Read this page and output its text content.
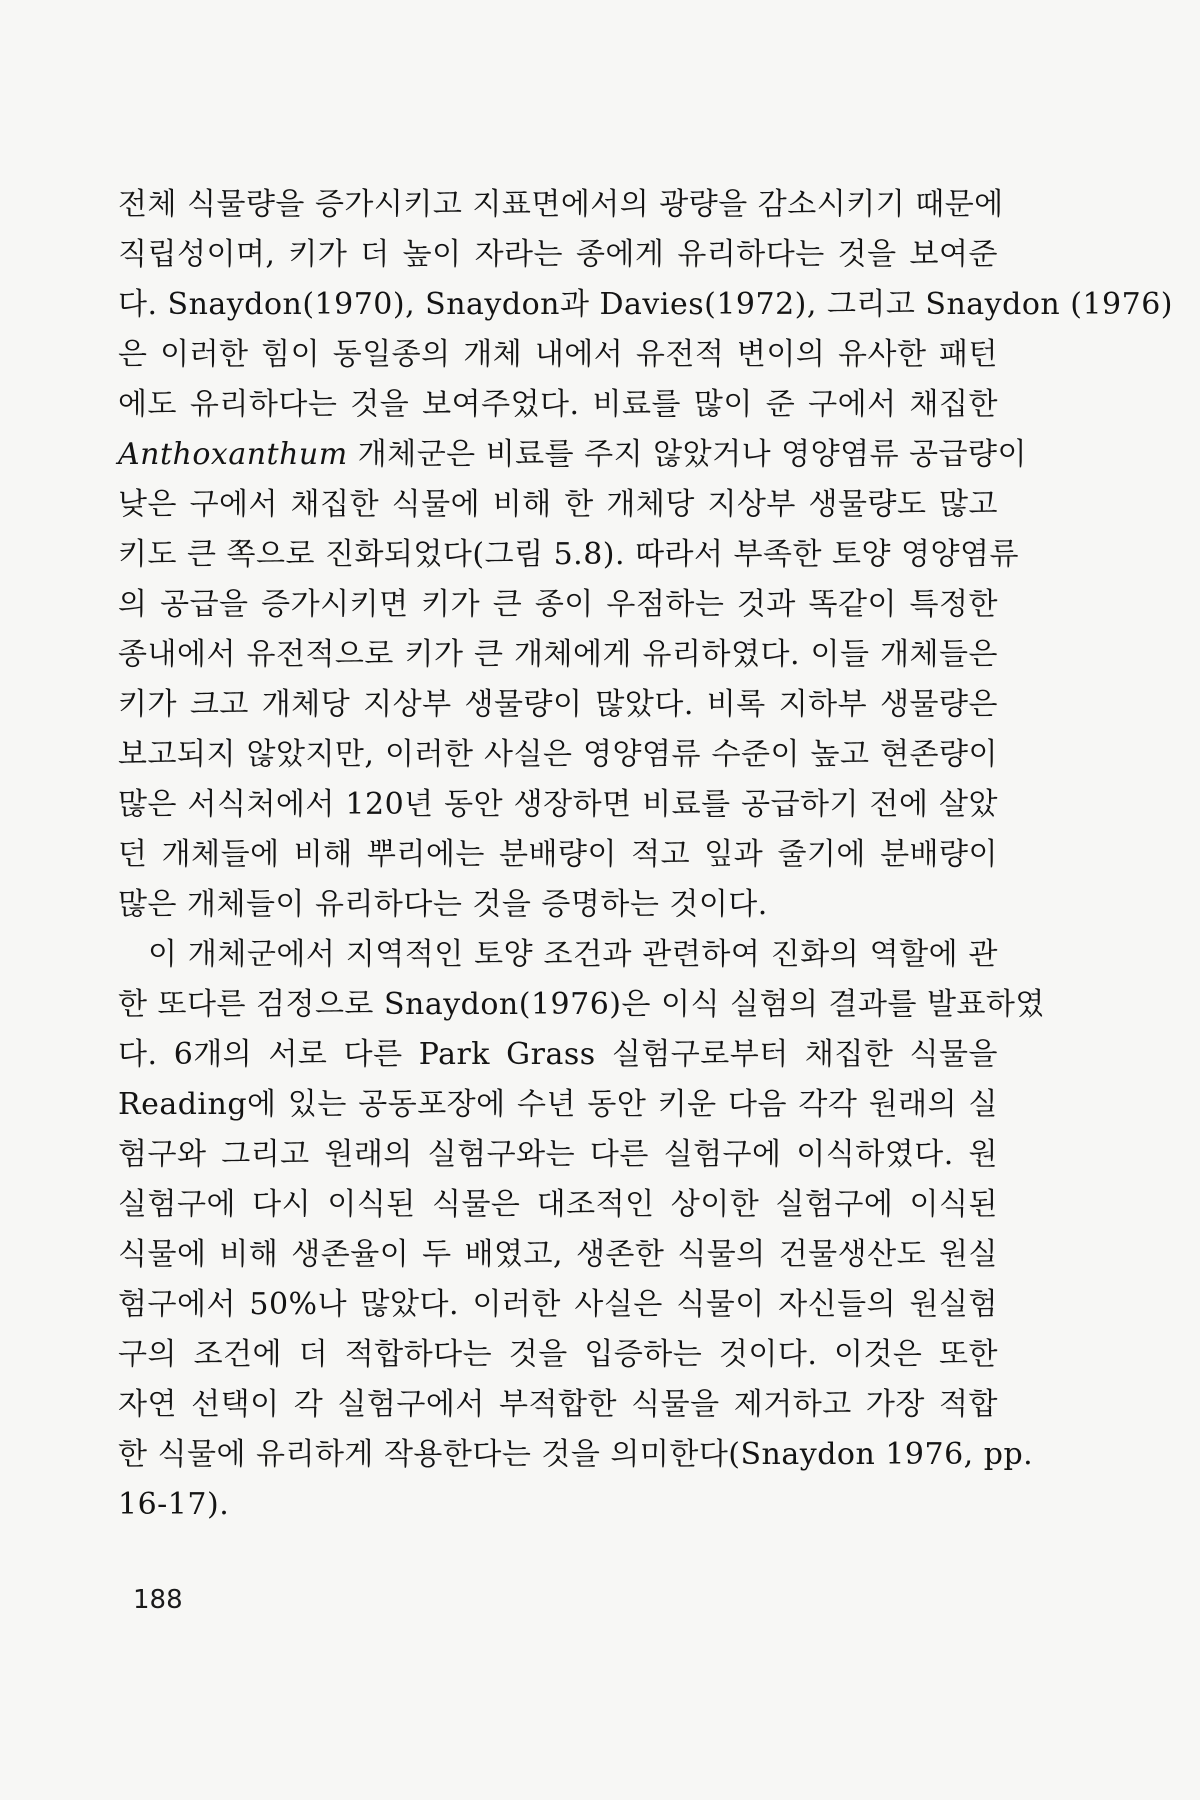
전체 식물량을 증가시키고 지표면에서의 광량을 감소시키기 때문에
직립성이며, 키가 더 높이 자라는 종에게 유리하다는 것을 보여준
다. Snaydon(1970), Snaydon과 Davies(1972), 그리고 Snaydon (1976)
은 이러한 힘이 동일종의 개체 내에서 유전적 변이의 유사한 패턴
에도 유리하다는 것을 보여주었다. 비료를 많이 준 구에서 채집한
Anthoxanthum 개체군은 비료를 주지 않았거나 영양염류 공급량이
낮은 구에서 채집한 식물에 비해 한 개체당 지상부 생물량도 많고
키도 큰 쪽으로 진화되었다(그림 5.8). 따라서 부족한 토양 영양염류
의 공급을 증가시키면 키가 큰 종이 우점하는 것과 똑같이 특정한
종내에서 유전적으로 키가 큰 개체에게 유리하였다. 이들 개체들은
키가 크고 개체당 지상부 생물량이 많았다. 비록 지하부 생물량은
보고되지 않았지만, 이러한 사실은 영양염류 수준이 높고 현존량이
많은 서식처에서 120년 동안 생장하면 비료를 공급하기 전에 살았
던 개체들에 비해 뿌리에는 분배량이 적고 잎과 줄기에 분배량이
많은 개체들이 유리하다는 것을 증명하는 것이다.
이 개체군에서 지역적인 토양 조건과 관련하여 진화의 역할에 관
한 또다른 검정으로 Snaydon(1976)은 이식 실험의 결과를 발표하였
다. 6개의 서로 다른 Park Grass 실험구로부터 채집한 식물을
Reading에 있는 공동포장에 수년 동안 키운 다음 각각 원래의 실
험구와 그리고 원래의 실험구와는 다른 실험구에 이식하였다. 원
실험구에 다시 이식된 식물은 대조적인 상이한 실험구에 이식된
식물에 비해 생존율이 두 배였고, 생존한 식물의 건물생산도 원실
험구에서 50%나 많았다. 이러한 사실은 식물이 자신들의 원실험
구의 조건에 더 적합하다는 것을 입증하는 것이다. 이것은 또한
자연 선택이 각 실험구에서 부적합한 식물을 제거하고 가장 적합
한 식물에 유리하게 작용한다는 것을 의미한다(Snaydon 1976, pp.
16-17).
188
